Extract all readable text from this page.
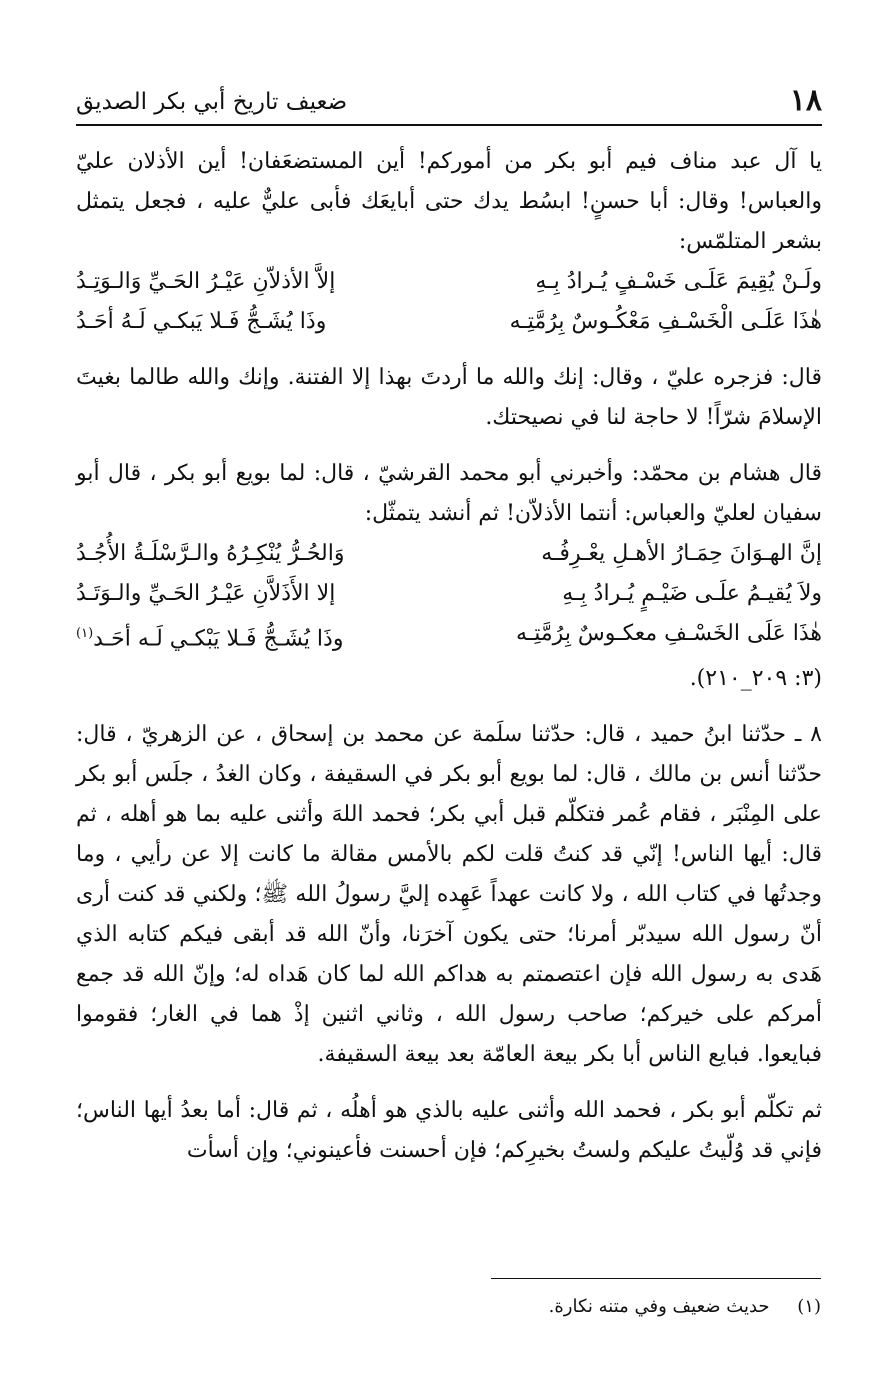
١٨
ضعيف تاريخ أبي بكر الصديق

يا آل عبد مناف فيم أبو بكر من أموركم! أين المستضعَفان! أين الأذلان عليّ والعباس! وقال: أبا حسنٍ! ابسُط يدك حتى أبايعَك فأبى عليٌّ عليه ، فجعل يتمثل بشعر المتلمّس:

ولَـنْ يُقِيمَ عَلَـى خَسْـفٍ يُـرادُ بِـهِ
إلاَّ الأذلاّنِ عَيْـرُ الحَـيِّ وَالـوَتِـدُ
هٰذَا عَلَـى الْخَسْـفِ مَعْكُـوسٌ بِرُمَّتِـه
وذَا يُشَـجُّ فَـلا يَبكـي لَـهُ أحَـدُ

قال: فزجره عليّ ، وقال: إنك والله ما أردتَ بهذا إلا الفتنة. وإنك والله طالما بغيتَ الإسلامَ شرّاً! لا حاجة لنا في نصيحتك.

قال هشام بن محمّد: وأخبرني أبو محمد القرشيّ ، قال: لما بويع أبو بكر ، قال أبو سفيان لعليّ والعباس: أنتما الأذلاّن! ثم أنشد يتمثّل:

إنَّ الهـوَانَ حِمَـارُ الأهـلِ يعْـرِفُـه
وَالحُـرُّ يُنْكِـرُهُ والـرَّسْلَـةُ الأُجُـدُ
ولاَ يُقيـمُ علَـى ضَيْـمٍ يُـرادُ بِـهِ
إلا الأَذَلاَّنِ عَيْـرُ الحَـيِّ والـوَتَـدُ
هٰذَا عَلَى الخَسْـفِ معكـوسٌ بِرُمَّتِـه
وذَا يُشَـجُّ فَـلا يَبْكـي لَـه أحَـد$^{(١)}$

(٣: ٢٠٩_٢١٠).

٨ ـ حدّثنا ابنُ حميد ، قال: حدّثنا سلَمة عن محمد بن إسحاق ، عن الزهريّ ، قال: حدّثنا أنس بن مالك ، قال: لما بويع أبو بكر في السقيفة ، وكان الغدُ ، جلَس أبو بكر على المِنْبَر ، فقام عُمر فتكلّم قبل أبي بكر؛ فحمد اللهَ وأثنى عليه بما هو أهله ، ثم قال: أيها الناس! إنّي قد كنتُ قلت لكم بالأمس مقالة ما كانت إلا عن رأيي ، وما وجدتُها في كتاب الله ، ولا كانت عهداً عَهِده إليَّ رسولُ الله ﷺ؛ ولكني قد كنت أرى أنّ رسول الله سيدبّر أمرنا؛ حتى يكون آخرَنا، وأنّ الله قد أبقى فيكم كتابه الذي هَدى به رسول الله فإن اعتصمتم به هداكم الله لما كان هَداه له؛ وإنّ الله قد جمع أمركم على خيركم؛ صاحب رسول الله ، وثاني اثنين إذْ هما في الغار؛ فقوموا فبايعوا. فبايع الناس أبا بكر بيعة العامّة بعد بيعة السقيفة.

ثم تكلّم أبو بكر ، فحمد الله وأثنى عليه بالذي هو أهلُه ، ثم قال: أما بعدُ أيها الناس؛ فإني قد وُلّيتُ عليكم ولستُ بخيرِكم؛ فإن أحسنت فأعينوني؛ وإن أسأت

(١) حديث ضعيف وفي متنه نكارة.
